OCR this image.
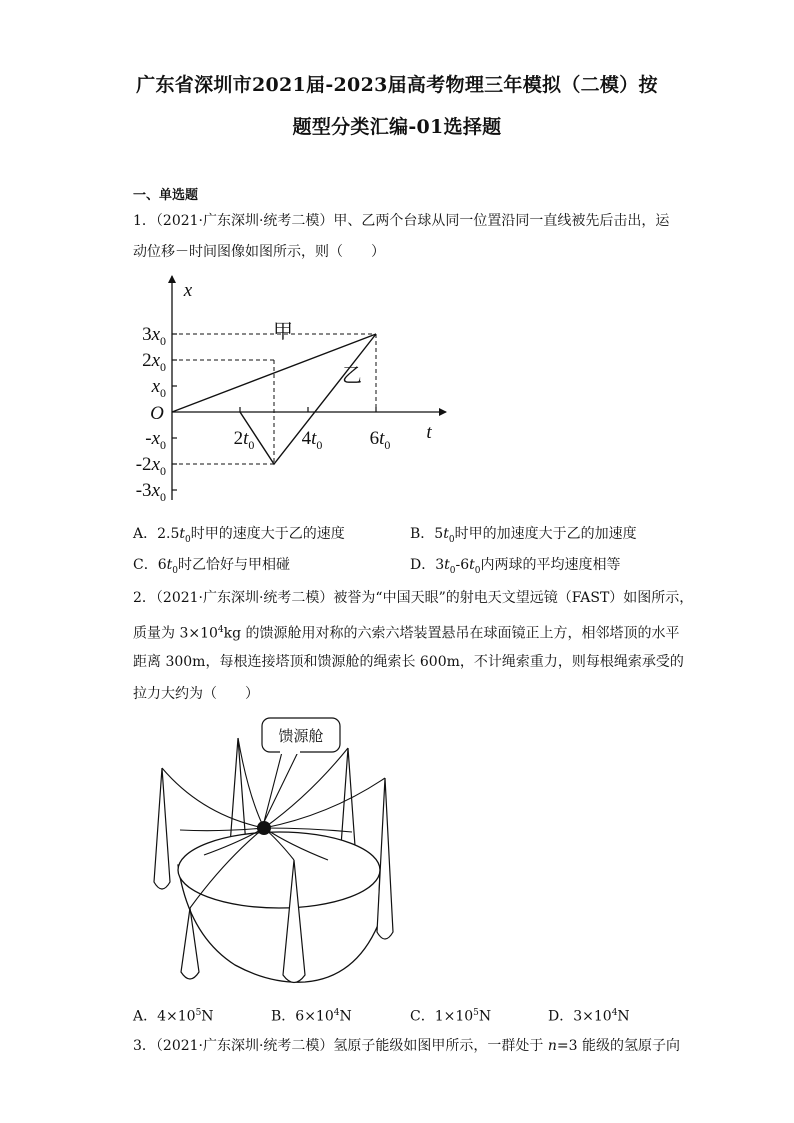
广东省深圳市2021届-2023届高考物理三年模拟（二模）按
题型分类汇编-01选择题
一、单选题
1．（2021·广东深圳·统考二模）甲、乙两个台球从同一位置沿同一直线被先后击出，运
动位移－时间图像如图所示，则（　　）
$3x_0$
$2x_0$
$x_0$
$-x_0$
$-2x_0$
$-3x_0$
$2t_0$ $4t_0$ $6t_0$
x
t
O
甲
乙
A．$2.5t_0$时甲的速度大于乙的速度	B．$5t_0$时甲的加速度大于乙的加速度
C．$6t_0$时乙恰好与甲相碰	D．$3t_0-6t_0$内两球的平均速度相等
2．（2021·广东深圳·统考二模）被誉为“中国天眼”的射电天文望远镜（FAST）如图所示，
质量为 $3\times 10^4kg$ 的馈源舱用对称的六索六塔装置悬吊在球面镜正上方，相邻塔顶的水平
距离 300m，每根连接塔顶和馈源舱的绳索长 600m，不计绳索重力，则每根绳索承受的
拉力大约为（　　）
馈源舱
A．$4\times 10^5N$	B．$6\times 10^4N$	C．$1\times 10^5N$	D．$3\times 10^4N$
3．（2021·广东深圳·统考二模）氢原子能级如图甲所示，一群处于 n=3 能级的氢原子向
